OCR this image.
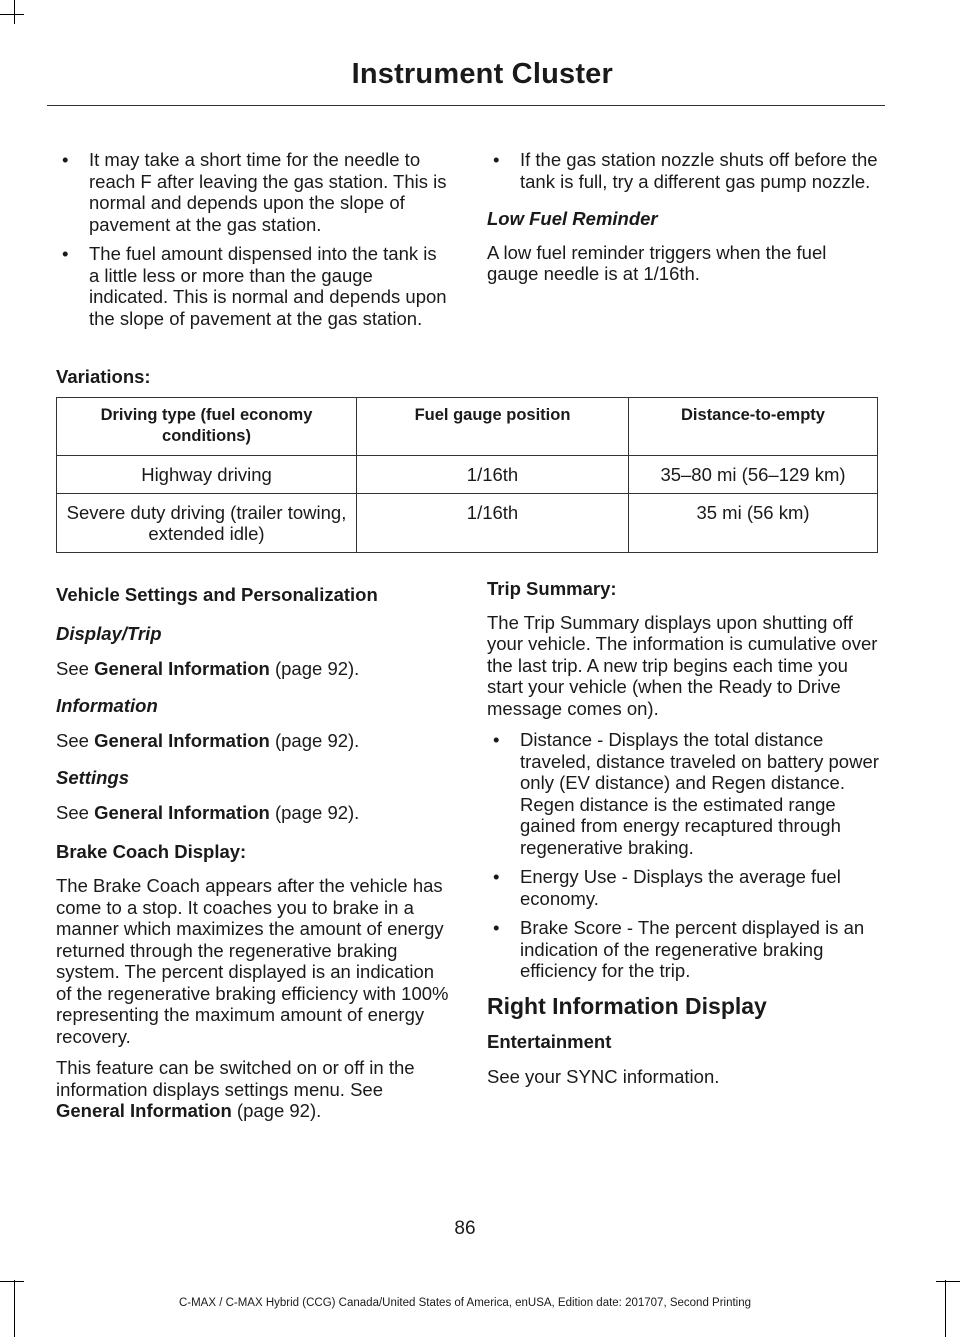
Instrument Cluster
• It may take a short time for the needle to reach F after leaving the gas station. This is normal and depends upon the slope of pavement at the gas station.
• The fuel amount dispensed into the tank is a little less or more than the gauge indicated. This is normal and depends upon the slope of pavement at the gas station.
• If the gas station nozzle shuts off before the tank is full, try a different gas pump nozzle.

Low Fuel Reminder

A low fuel reminder triggers when the fuel gauge needle is at 1/16th.

Variations:
Driving type (fuel economy conditions)	Fuel gauge position	Distance-to-empty
Highway driving	1/16th	35–80 mi (56–129 km)
Severe duty driving (trailer towing, extended idle)	1/16th	35 mi (56 km)

Vehicle Settings and Personalization

Display/Trip

See General Information (page 92).

Information

See General Information (page 92).

Settings

See General Information (page 92).

Brake Coach Display:

The Brake Coach appears after the vehicle has come to a stop. It coaches you to brake in a manner which maximizes the amount of energy returned through the regenerative braking system. The percent displayed is an indication of the regenerative braking efficiency with 100% representing the maximum amount of energy recovery.

This feature can be switched on or off in the information displays settings menu. See General Information (page 92).

Trip Summary:

The Trip Summary displays upon shutting off your vehicle. The information is cumulative over the last trip. A new trip begins each time you start your vehicle (when the Ready to Drive message comes on).

• Distance - Displays the total distance traveled, distance traveled on battery power only (EV distance) and Regen distance. Regen distance is the estimated range gained from energy recaptured through regenerative braking.
• Energy Use - Displays the average fuel economy.
• Brake Score - The percent displayed is an indication of the regenerative braking efficiency for the trip.

Right Information Display

Entertainment

See your SYNC information.

86
C-MAX / C-MAX Hybrid (CCG) Canada/United States of America, enUSA, Edition date: 201707, Second Printing
